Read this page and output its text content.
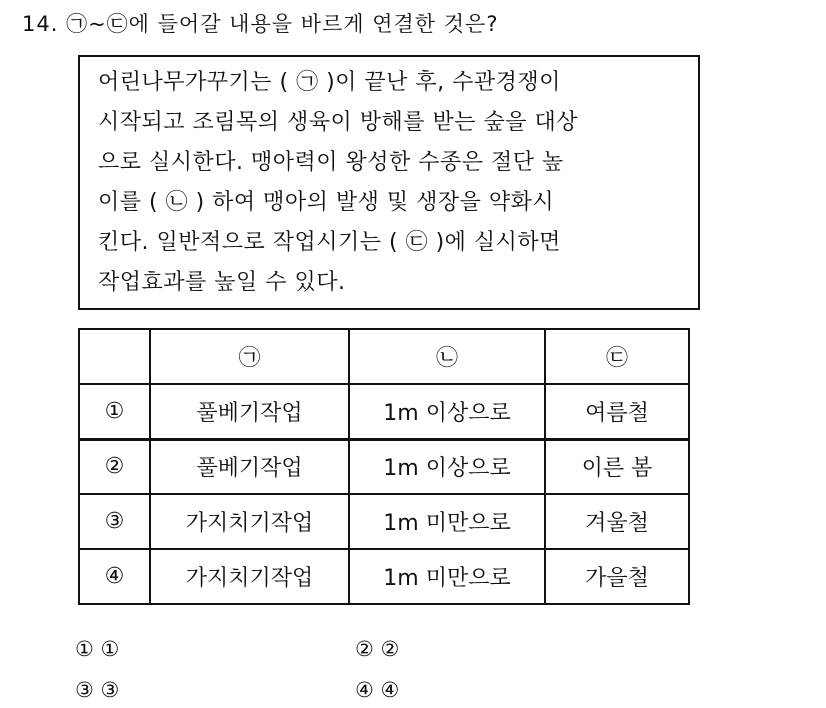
14. ㉠~㉢에 들어갈 내용을 바르게 연결한 것은?
어린나무가꾸기는 ( ㉠ )이 끝난 후, 수관경쟁이
시작되고 조림목의 생육이 방해를 받는 숲을 대상
으로 실시한다. 맹아력이 왕성한 수종은 절단 높
이를 ( ㉡ ) 하여 맹아의 발생 및 생장을 약화시
킨다. 일반적으로 작업시기는 ( ㉢ )에 실시하면
작업효과를 높일 수 있다.
	㉠	㉡	㉢
①	풀베기작업	1m 이상으로	여름철
②	풀베기작업	1m 이상으로	이른 봄
③	가지치기작업	1m 미만으로	겨울철
④	가지치기작업	1m 미만으로	가을철
① ①	② ②
③ ③	④ ④
